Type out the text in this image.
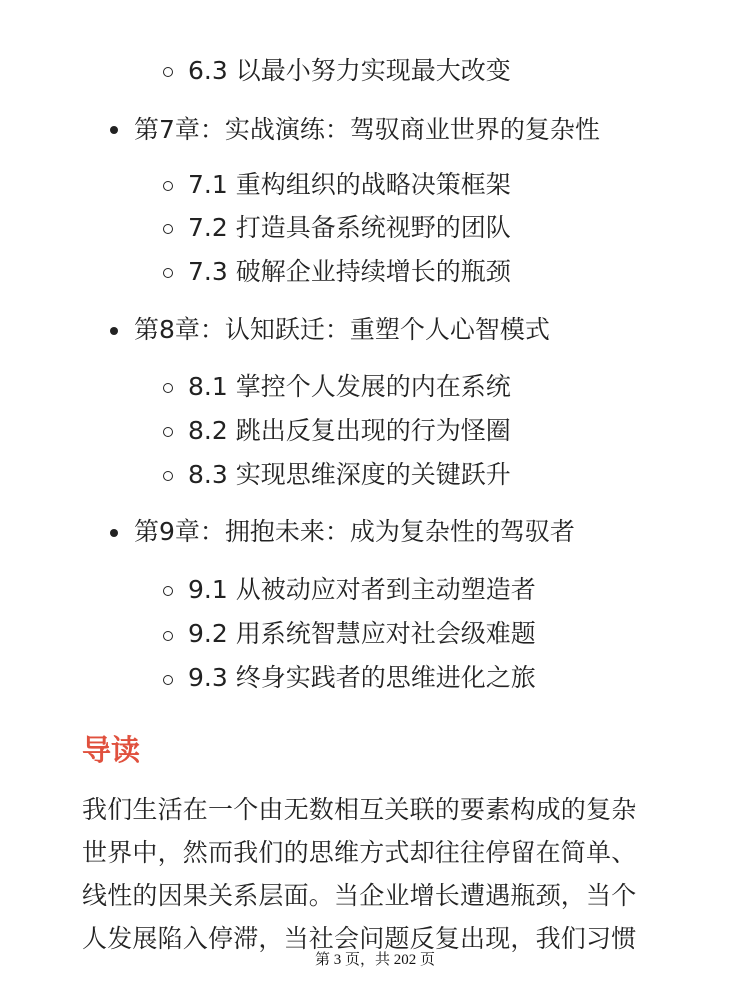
6.3 以最小努力实现最大改变
第7章：实战演练：驾驭商业世界的复杂性
7.1 重构组织的战略决策框架
7.2 打造具备系统视野的团队
7.3 破解企业持续增长的瓶颈
第8章：认知跃迁：重塑个人心智模式
8.1 掌控个人发展的内在系统
8.2 跳出反复出现的行为怪圈
8.3 实现思维深度的关键跃升
第9章：拥抱未来：成为复杂性的驾驭者
9.1 从被动应对者到主动塑造者
9.2 用系统智慧应对社会级难题
9.3 终身实践者的思维进化之旅
导读
我们生活在一个由无数相互关联的要素构成的复杂
世界中，然而我们的思维方式却往往停留在简单、
线性的因果关系层面。当企业增长遭遇瓶颈，当个
人发展陷入停滞，当社会问题反复出现，我们习惯
第 3 页，共 202 页
